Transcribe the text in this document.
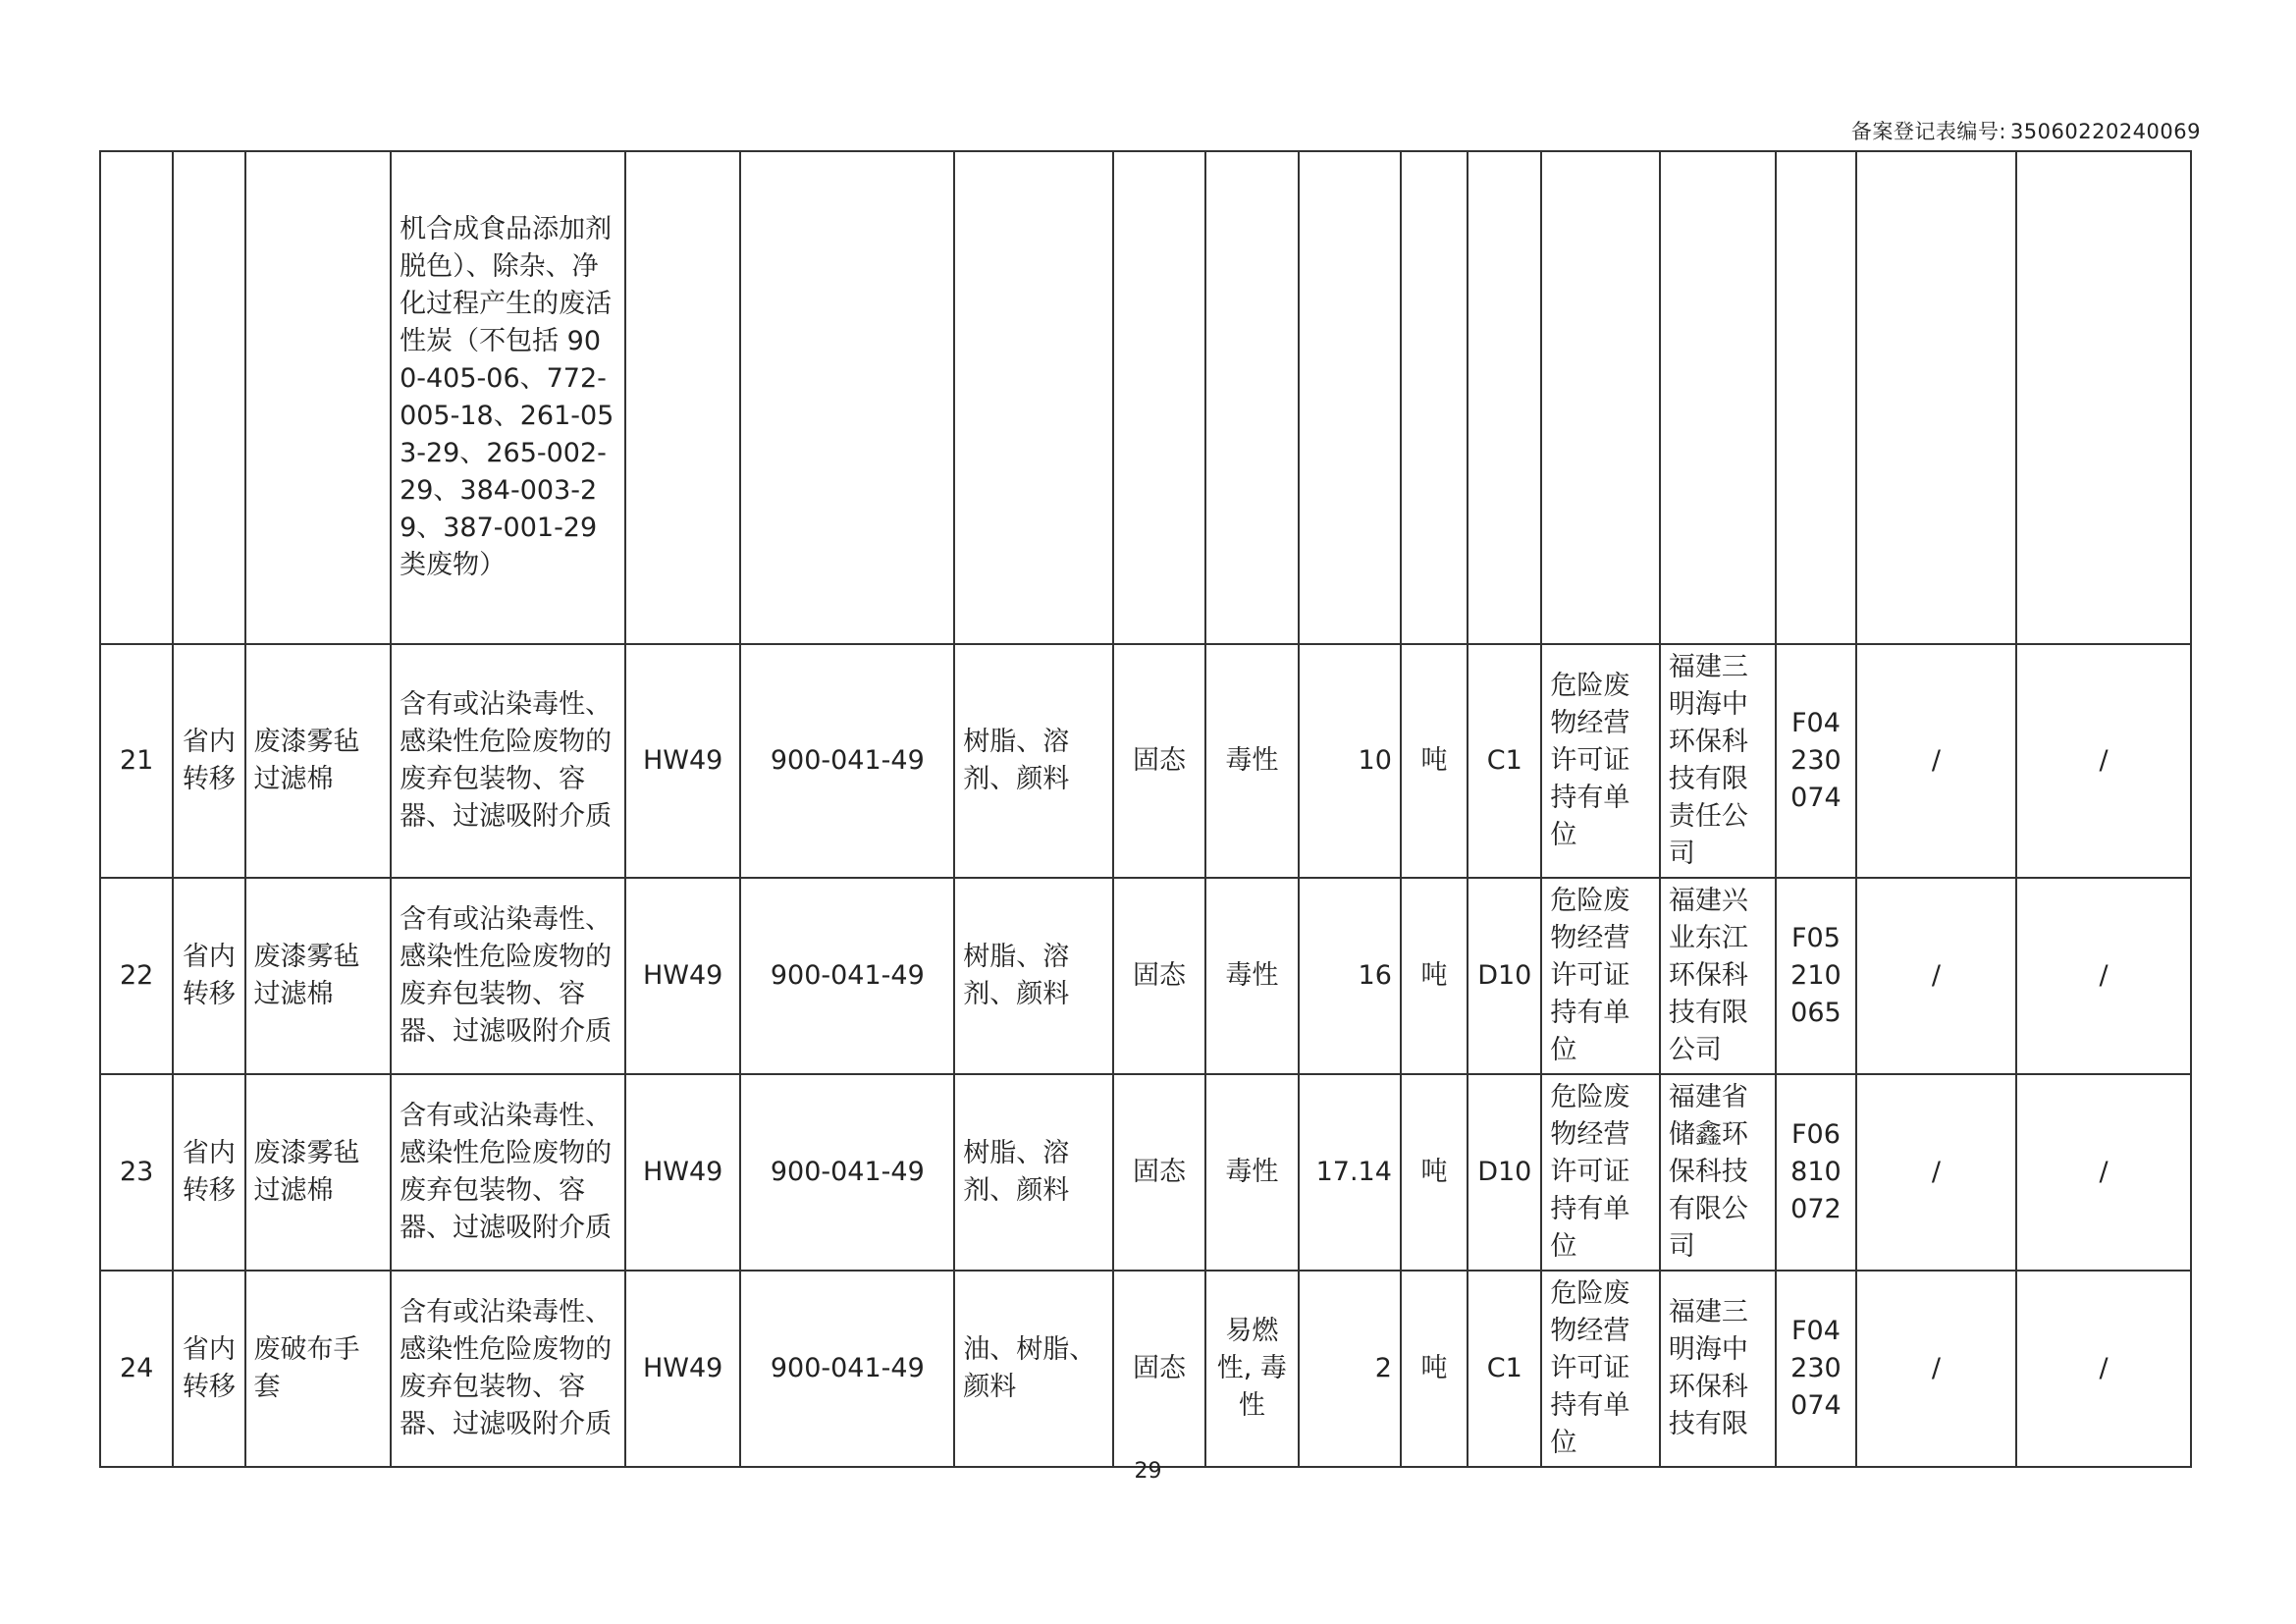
备案登记表编号: 35060220240069
			机合成食品添加剂脱色）、除杂、净化过程产生的废活性炭（不包括 900-405-06、772-005-18、261-053-29、265-002-29、384-003-29、387-001-29 类废物）													
21	省内转移	废漆雾毡过滤棉	含有或沾染毒性、感染性危险废物的废弃包装物、容器、过滤吸附介质	HW49	900-041-49	树脂、溶剂、颜料	固态	毒性	10	吨	C1	危险废物经营许可证持有单位	福建三明海中环保科技有限责任公司	F04230074	/	/
22	省内转移	废漆雾毡过滤棉	含有或沾染毒性、感染性危险废物的废弃包装物、容器、过滤吸附介质	HW49	900-041-49	树脂、溶剂、颜料	固态	毒性	16	吨	D10	危险废物经营许可证持有单位	福建兴业东江环保科技有限公司	F05210065	/	/
23	省内转移	废漆雾毡过滤棉	含有或沾染毒性、感染性危险废物的废弃包装物、容器、过滤吸附介质	HW49	900-041-49	树脂、溶剂、颜料	固态	毒性	17.14	吨	D10	危险废物经营许可证持有单位	福建省储鑫环保科技有限公司	F06810072	/	/
24	省内转移	废破布手套	含有或沾染毒性、感染性危险废物的废弃包装物、容器、过滤吸附介质	HW49	900-041-49	油、树脂、颜料	固态	易燃性, 毒性	2	吨	C1	危险废物经营许可证持有单位	福建三明海中环保科技有限	F04230074	/	/
29
